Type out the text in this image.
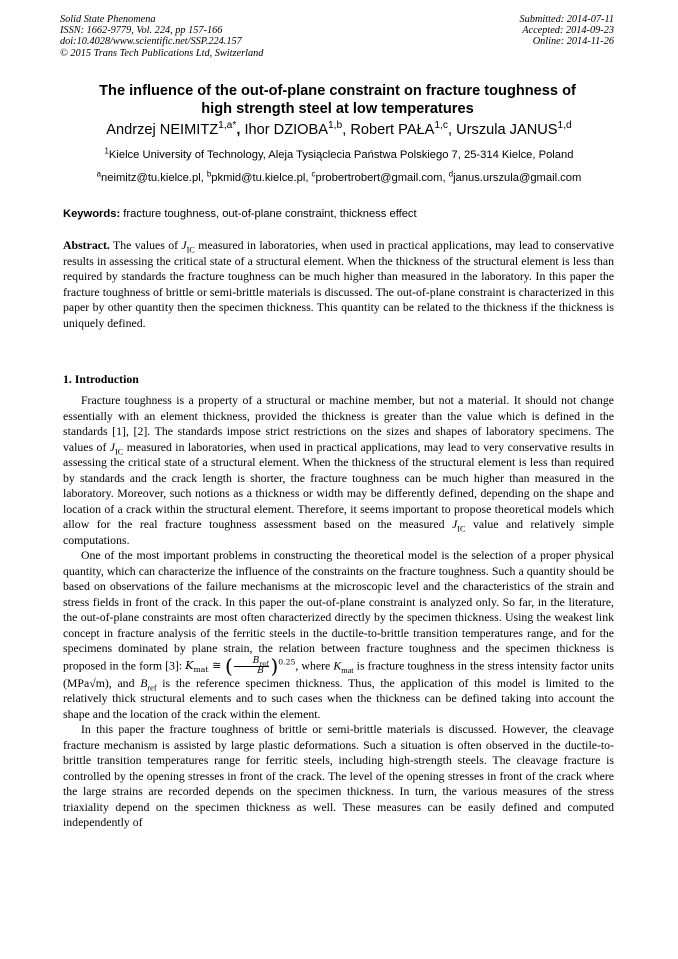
Solid State Phenomena
ISSN: 1662-9779, Vol. 224, pp 157-166
doi:10.4028/www.scientific.net/SSP.224.157
© 2015 Trans Tech Publications Ltd, Switzerland
Submitted: 2014-07-11
Accepted: 2014-09-23
Online: 2014-11-26
The influence of the out-of-plane constraint on fracture toughness of
high strength steel at low temperatures
Andrzej $NEIMITZ^{1,a*}$, Ihor DZIOBA$^{1,b}$, Robert PAŁA$^{1,c}$, Urszula JANUS$^{1,d}$
$^1$Kielce University of Technology, Aleja Tysiąclecia Państwa Polskiego 7, 25-314 Kielce, Poland
$^a$neimitz@tu.kielce.pl, $^b$pkmid@tu.kielce.pl, $^c$probertrobert@gmail.com, $^d$janus.urszula@gmail.com
Keywords: fracture toughness, out-of-plane constraint, thickness effect
Abstract. The values of $J_{IC}$ measured in laboratories, when used in practical applications, may lead to conservative results in assessing the critical state of a structural element. When the thickness of the structural element is less than required by standards the fracture toughness can be much higher than measured in the laboratory. In this paper the fracture toughness of brittle or semi-brittle materials is discussed. The out-of-plane constraint is characterized in this paper by other quantity then the specimen thickness. This quantity can be related to the thickness if the thickness is uniquely defined.
1. Introduction

Fracture toughness is a property of a structural or machine member, but not a material. It should not change essentially with an element thickness, provided the thickness is greater than the value which is defined in the standards [1], [2]. The standards impose strict restrictions on the sizes and shapes of laboratory specimens. The values of $J_{IC}$ measured in laboratories, when used in practical applications, may lead to very conservative results in assessing the critical state of a structural element. When the thickness of the structural element is less than required by standards and the crack length is shorter, the fracture toughness can be much higher than measured in the laboratory. Moreover, such notions as a thickness or width may be differently defined, depending on the shape and location of a crack within the structural element. Therefore, it seems important to propose theoretical models which allow for the real fracture toughness assessment based on the measured $J_{IC}$ value and relatively simple computations.

One of the most important problems in constructing the theoretical model is the selection of a proper physical quantity, which can characterize the influence of the constraints on the fracture toughness. Such a quantity should be based on observations of the failure mechanisms at the microscopic level and the characteristics of the strain and stress fields in front of the crack. In this paper the out-of-plane constraint is analyzed only. So far, in the literature, the out-of-plane constraints are most often characterized directly by the specimen thickness. Using the weakest link concept in fracture analysis of the ferritic steels in the ductile-to-brittle transition temperatures range, and for the specimens dominated by plane strain, the relation between fracture toughness and the specimen thickness is proposed in the form [3]: $K_{mat}$ ≅ ( $\frac{B_{ref}}{B} )^{0.25}$, where $K_{mat}$ is fracture toughness in the stress intensity factor units (MPa√m), and $B_{ref}$ is the reference specimen thickness. Thus, the application of this model is limited to the relatively thick structural elements and to such cases when the thickness can be defined taking into account the shape and the location of the crack within the element.

In this paper the fracture toughness of brittle or semi-brittle materials is discussed. However, the cleavage fracture mechanism is assisted by large plastic deformations. Such a situation is often observed in the ductile-to-brittle transition temperatures range for ferritic steels, including high-strength steels. The cleavage fracture is controlled by the opening stresses in front of the crack. The level of the opening stresses in front of the crack where the large strains are recorded depends on the specimen thickness. In turn, the various measures of the stress triaxiality depend on the specimen thickness as well. These measures can be easily defined and computed independently of
